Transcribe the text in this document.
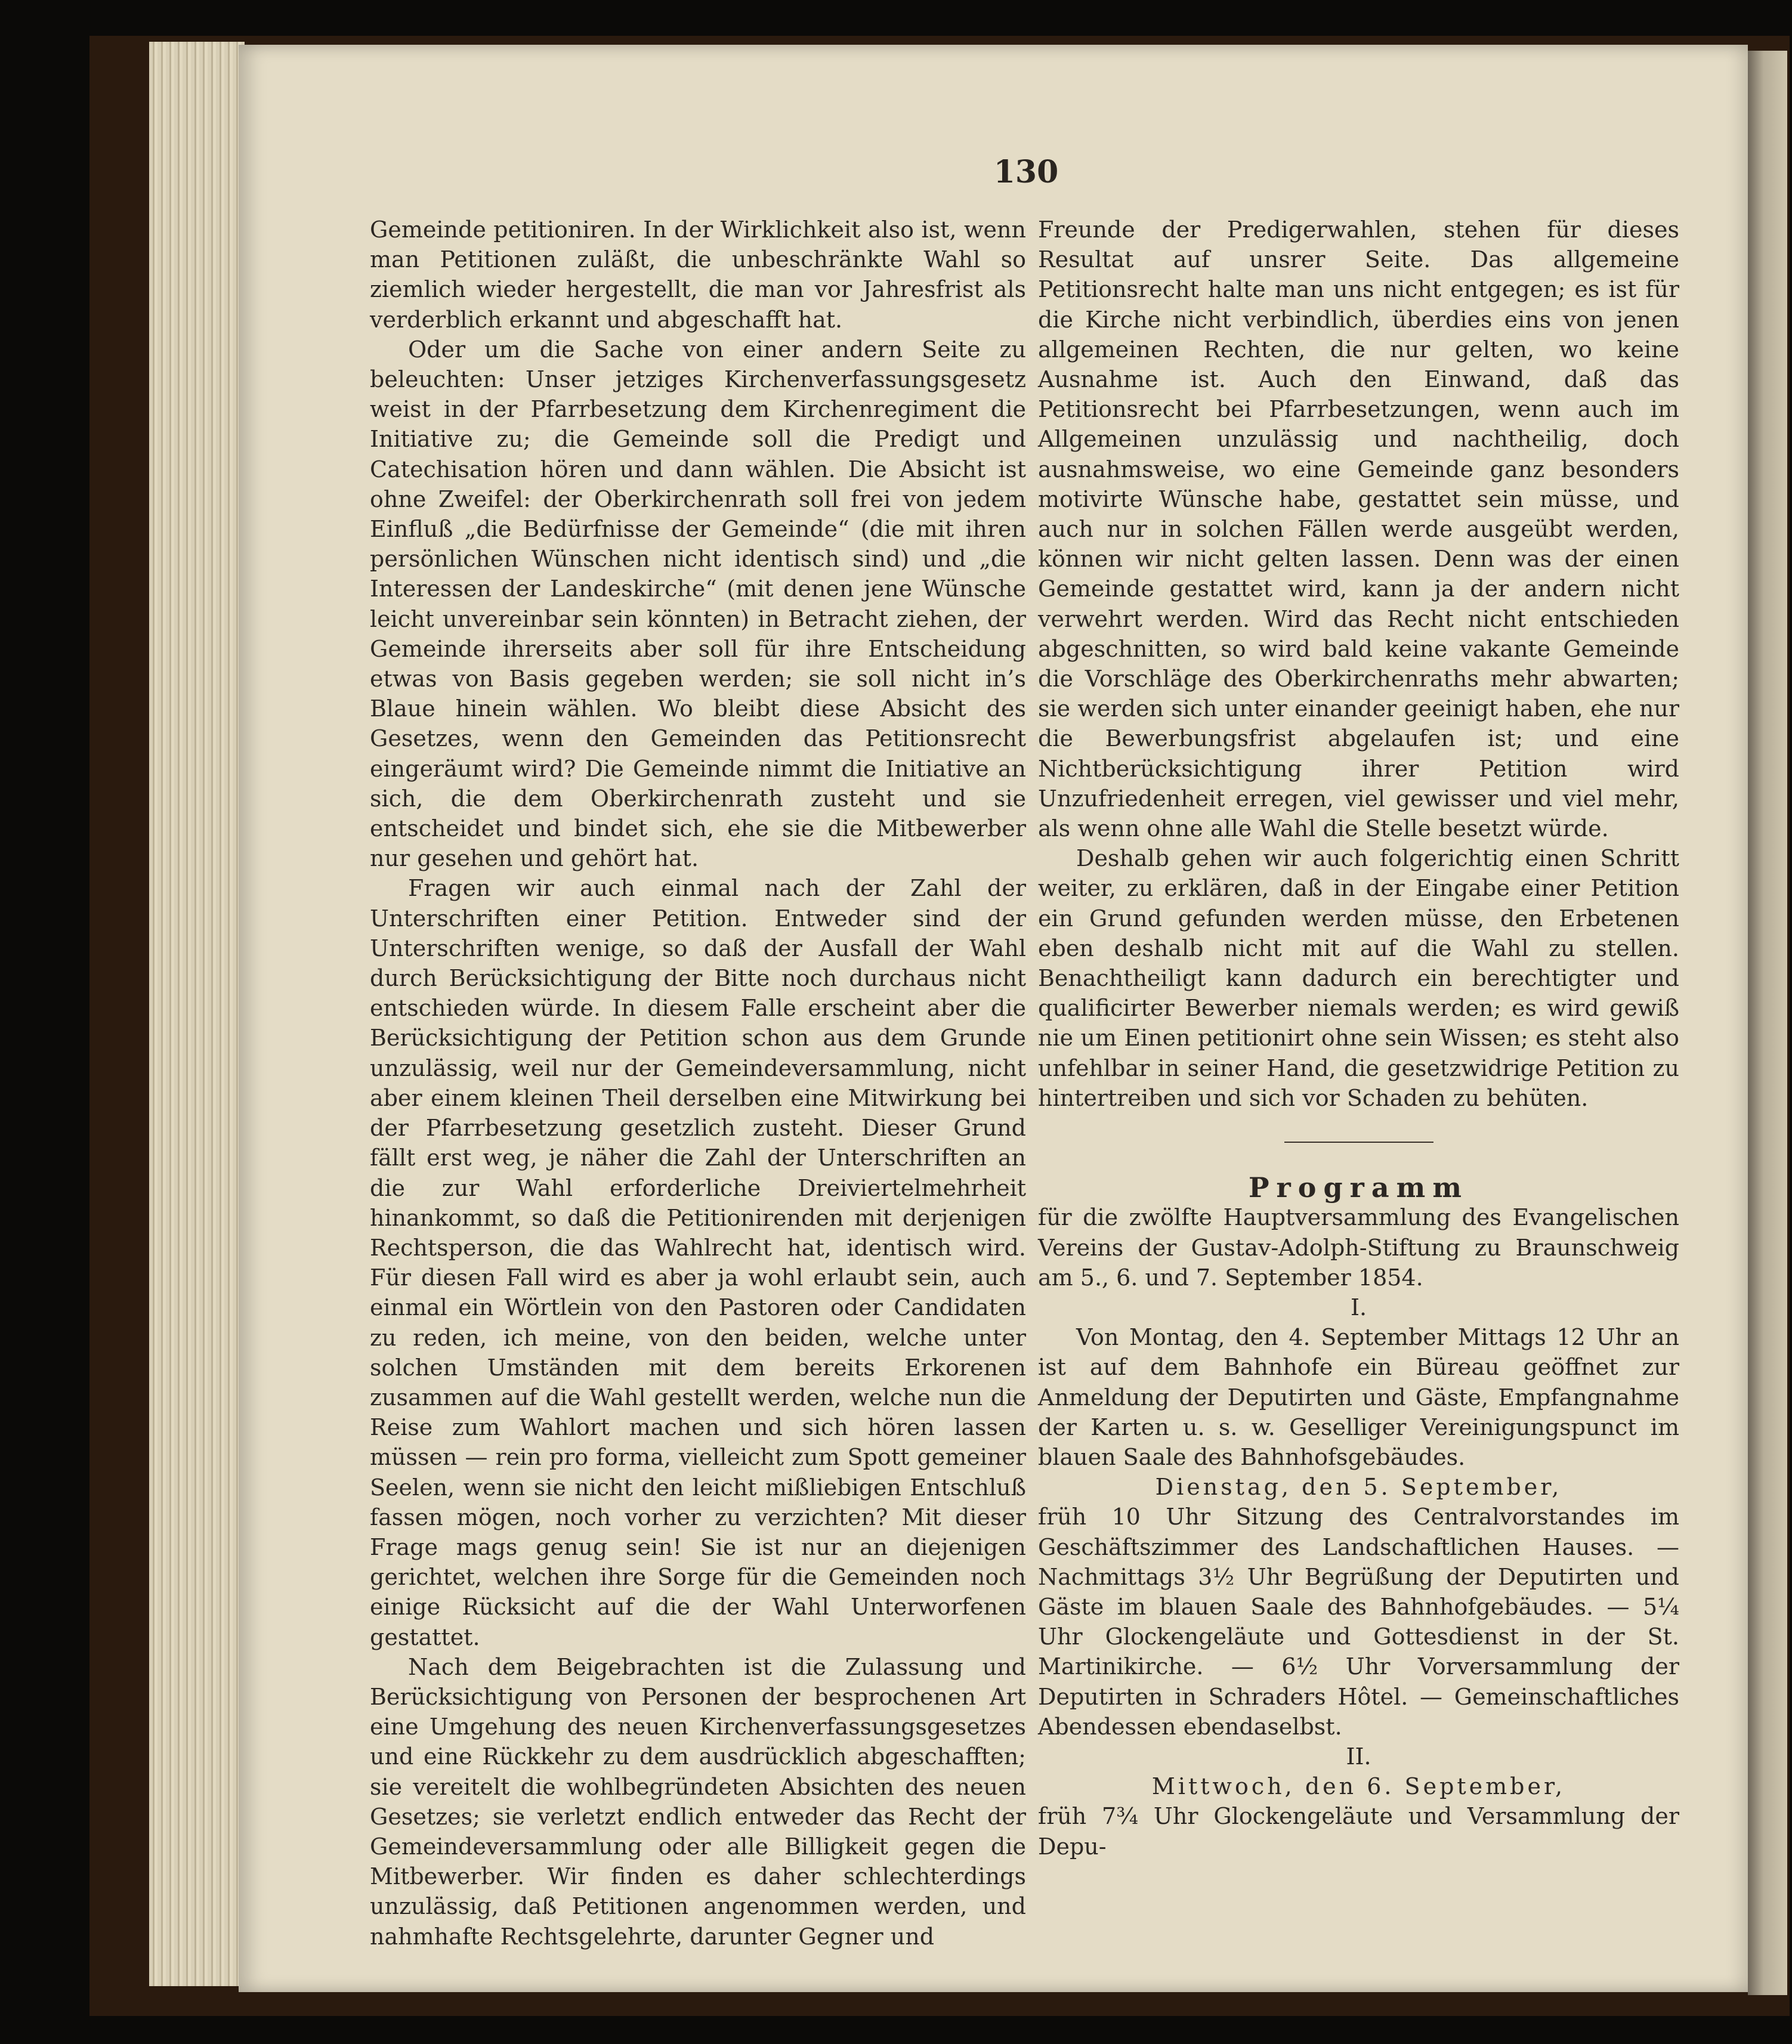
130

Gemeinde petitioniren. In der Wirklichkeit also ist, wenn man Petitionen zuläßt, die unbeschränkte Wahl so ziemlich wieder hergestellt, die man vor Jahresfrist als verderblich erkannt und abgeschafft hat.

Oder um die Sache von einer andern Seite zu beleuchten: Unser jetziges Kirchenverfassungsgesetz weist in der Pfarrbesetzung dem Kirchenregiment die Initiative zu; die Gemeinde soll die Predigt und Catechisation hören und dann wählen. Die Absicht ist ohne Zweifel: der Oberkirchenrath soll frei von jedem Einfluß „die Bedürfnisse der Gemeinde“ (die mit ihren persönlichen Wünschen nicht identisch sind) und „die Interessen der Landeskirche“ (mit denen jene Wünsche leicht unvereinbar sein könnten) in Betracht ziehen, der Gemeinde ihrerseits aber soll für ihre Entscheidung etwas von Basis gegeben werden; sie soll nicht in’s Blaue hinein wählen. Wo bleibt diese Absicht des Gesetzes, wenn den Gemeinden das Petitionsrecht eingeräumt wird? Die Gemeinde nimmt die Initiative an sich, die dem Oberkirchenrath zusteht und sie entscheidet und bindet sich, ehe sie die Mitbewerber nur gesehen und gehört hat.

Fragen wir auch einmal nach der Zahl der Unterschriften einer Petition. Entweder sind der Unterschriften wenige, so daß der Ausfall der Wahl durch Berücksichtigung der Bitte noch durchaus nicht entschieden würde. In diesem Falle erscheint aber die Berücksichtigung der Petition schon aus dem Grunde unzulässig, weil nur der Gemeindeversammlung, nicht aber einem kleinen Theil derselben eine Mitwirkung bei der Pfarrbesetzung gesetzlich zusteht. Dieser Grund fällt erst weg, je näher die Zahl der Unterschriften an die zur Wahl erforderliche Dreiviertelmehrheit hinankommt, so daß die Petitionirenden mit derjenigen Rechtsperson, die das Wahlrecht hat, identisch wird. Für diesen Fall wird es aber ja wohl erlaubt sein, auch einmal ein Wörtlein von den Pastoren oder Candidaten zu reden, ich meine, von den beiden, welche unter solchen Umständen mit dem bereits Erkorenen zusammen auf die Wahl gestellt werden, welche nun die Reise zum Wahlort machen und sich hören lassen müssen — rein pro forma, vielleicht zum Spott gemeiner Seelen, wenn sie nicht den leicht mißliebigen Entschluß fassen mögen, noch vorher zu verzichten? Mit dieser Frage mags genug sein! Sie ist nur an diejenigen gerichtet, welchen ihre Sorge für die Gemeinden noch einige Rücksicht auf die der Wahl Unterworfenen gestattet.

Nach dem Beigebrachten ist die Zulassung und Berücksichtigung von Personen der besprochenen Art eine Umgehung des neuen Kirchenverfassungsgesetzes und eine Rückkehr zu dem ausdrücklich abgeschafften; sie vereitelt die wohlbegründeten Absichten des neuen Gesetzes; sie verletzt endlich entweder das Recht der Gemeindeversammlung oder alle Billigkeit gegen die Mitbewerber. Wir finden es daher schlechterdings unzulässig, daß Petitionen angenommen werden, und nahmhafte Rechtsgelehrte, darunter Gegner und

Freunde der Predigerwahlen, stehen für dieses Resultat auf unsrer Seite. Das allgemeine Petitionsrecht halte man uns nicht entgegen; es ist für die Kirche nicht verbindlich, überdies eins von jenen allgemeinen Rechten, die nur gelten, wo keine Ausnahme ist. Auch den Einwand, daß das Petitionsrecht bei Pfarrbesetzungen, wenn auch im Allgemeinen unzulässig und nachtheilig, doch ausnahmsweise, wo eine Gemeinde ganz besonders motivirte Wünsche habe, gestattet sein müsse, und auch nur in solchen Fällen werde ausgeübt werden, können wir nicht gelten lassen. Denn was der einen Gemeinde gestattet wird, kann ja der andern nicht verwehrt werden. Wird das Recht nicht entschieden abgeschnitten, so wird bald keine vakante Gemeinde die Vorschläge des Oberkirchenraths mehr abwarten; sie werden sich unter einander geeinigt haben, ehe nur die Bewerbungsfrist abgelaufen ist; und eine Nichtberücksichtigung ihrer Petition wird Unzufriedenheit erregen, viel gewisser und viel mehr, als wenn ohne alle Wahl die Stelle besetzt würde.

Deshalb gehen wir auch folgerichtig einen Schritt weiter, zu erklären, daß in der Eingabe einer Petition ein Grund gefunden werden müsse, den Erbetenen eben deshalb nicht mit auf die Wahl zu stellen. Benachtheiligt kann dadurch ein berechtigter und qualificirter Bewerber niemals werden; es wird gewiß nie um Einen petitionirt ohne sein Wissen; es steht also unfehlbar in seiner Hand, die gesetzwidrige Petition zu hintertreiben und sich vor Schaden zu behüten.

Programm

für die zwölfte Hauptversammlung des Evangelischen Vereins der Gustav-Adolph-Stiftung zu Braunschweig am 5., 6. und 7. September 1854.

I.

Von Montag, den 4. September Mittags 12 Uhr an ist auf dem Bahnhofe ein Büreau geöffnet zur Anmeldung der Deputirten und Gäste, Empfangnahme der Karten u. s. w. Geselliger Vereinigungspunct im blauen Saale des Bahnhofsgebäudes.

Dienstag, den 5. September,

früh 10 Uhr Sitzung des Centralvorstandes im Geschäftszimmer des Landschaftlichen Hauses. — Nachmittags 3½ Uhr Begrüßung der Deputirten und Gäste im blauen Saale des Bahnhofgebäudes. — 5¼ Uhr Glockengeläute und Gottesdienst in der St. Martinikirche. — 6½ Uhr Vorversammlung der Deputirten in Schraders Hôtel. — Gemeinschaftliches Abendessen ebendaselbst.

II.

Mittwoch, den 6. September,

früh 7¾ Uhr Glockengeläute und Versammlung der Depu-
